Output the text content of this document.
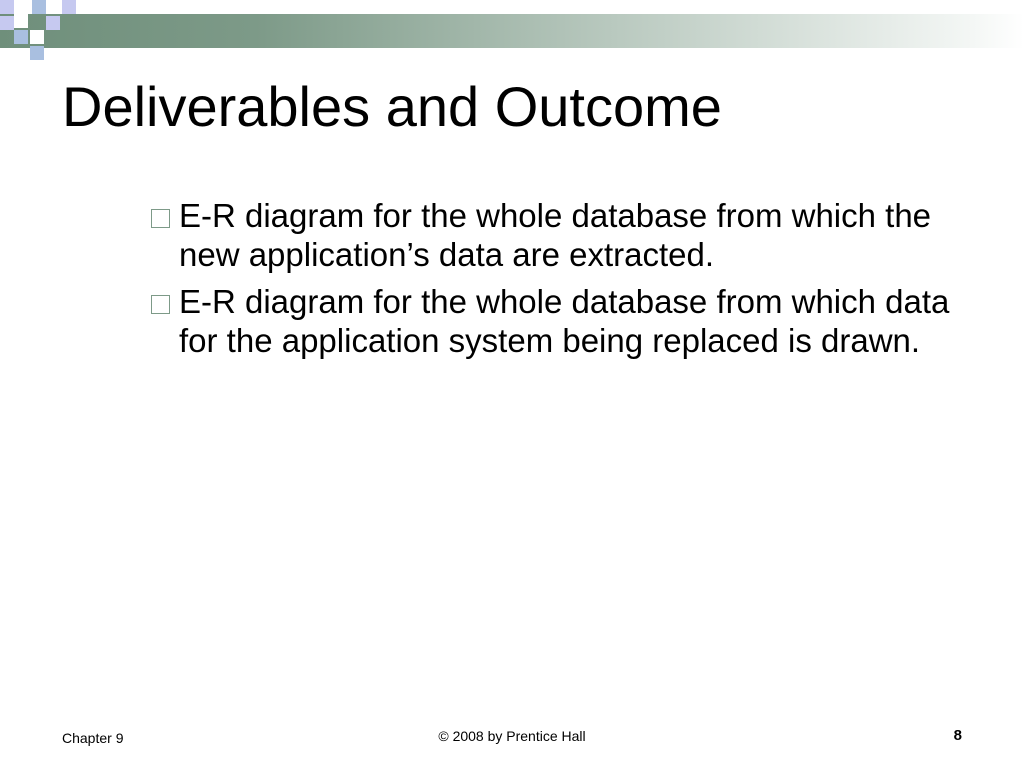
Deliverables and Outcome
E-R diagram for the whole database from which the new application’s data are extracted.
E-R diagram for the whole database from which data for the application system being replaced is drawn.
Chapter 9	© 2008 by Prentice Hall	8
